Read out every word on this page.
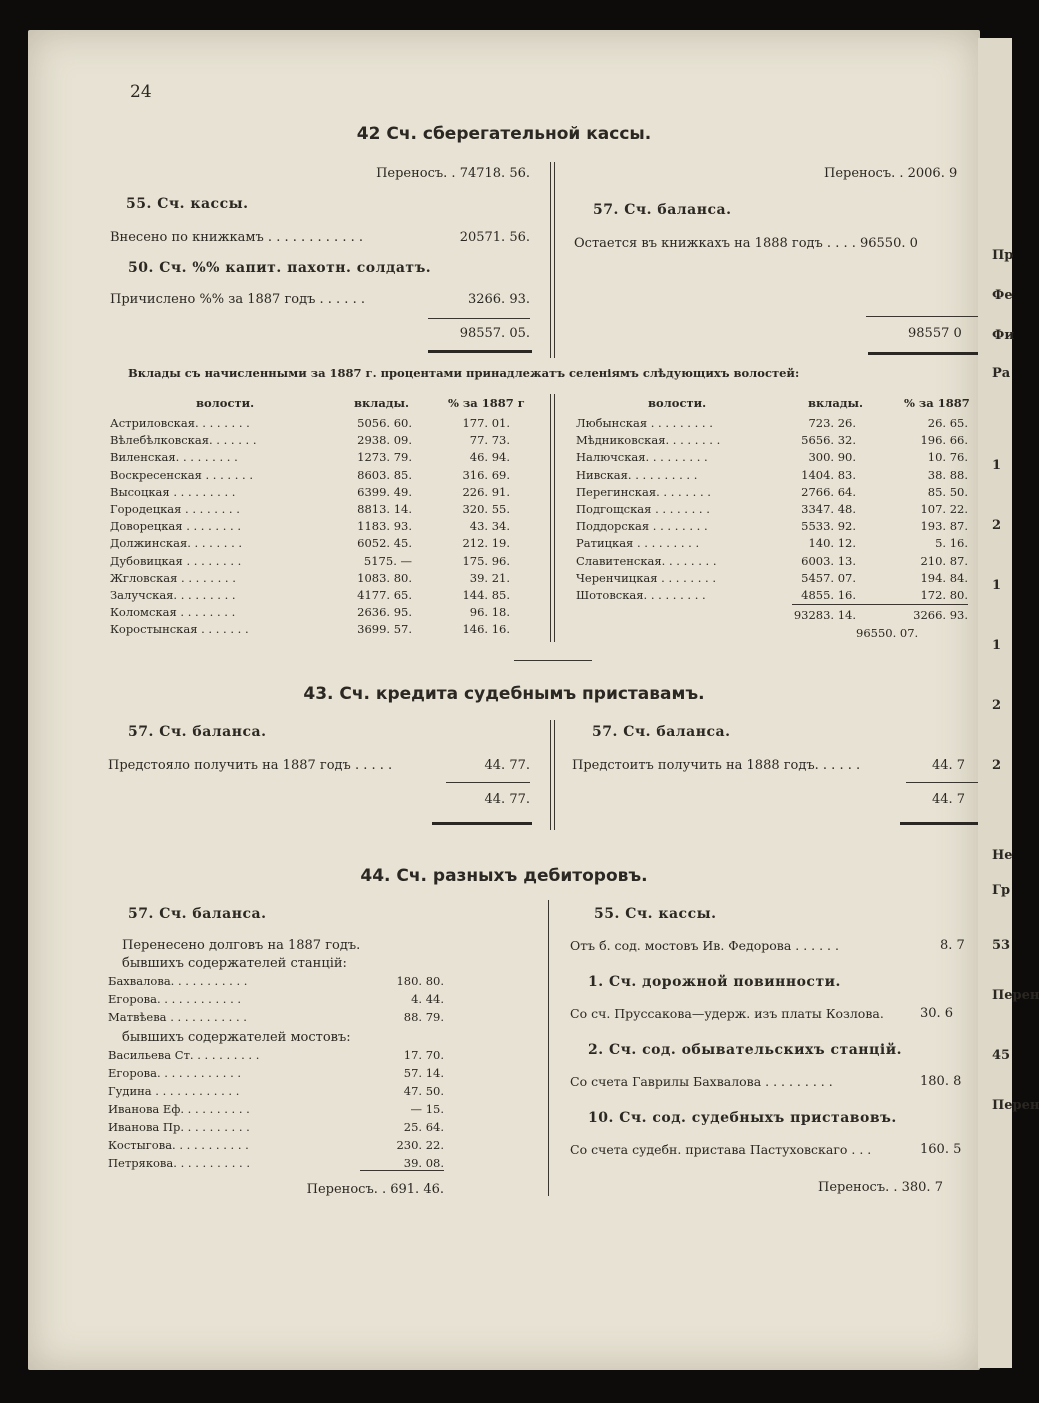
24
42 Сч. сберегательной кассы.
Переносъ. . 74718. 56.
55. Сч. кассы.
Внесено по книжкамъ . . . . . . . . . . . .	20571. 56.
50. Сч. %% капит. пахотн. солдатъ.
Причислено %% за 1887 годъ . . . . . .	3266. 93.
98557. 05.
Переносъ. . 2006. 9
57. Сч. баланса.
Остается въ книжкахъ на 1888 годъ . . . . 96550. 0
98557 0
Вклады съ начисленными за 1887 г. процентами принадлежатъ селеніямъ слѣдующихъ волостей:
волости.	вклады.	% за 1887 г
Астриловская. . . . . . . .	5056. 60.	177. 01.
Вѣлебѣлковская. . . . . . .	2938. 09.	77. 73.
Виленская. . . . . . . . .	1273. 79.	46. 94.
Воскресенская . . . . . . .	8603. 85.	316. 69.
Высоцкая . . . . . . . . .	6399. 49.	226. 91.
Городецкая . . . . . . . .	8813. 14.	320. 55.
Доворецкая . . . . . . . .	1183. 93.	43. 34.
Должинская. . . . . . . .	6052. 45.	212. 19.
Дубовицкая . . . . . . . .	5175. —	175. 96.
Жгловская . . . . . . . .	1083. 80.	39. 21.
Залучская. . . . . . . . .	4177. 65.	144. 85.
Коломская . . . . . . . .	2636. 95.	96. 18.
Коростынская . . . . . . .	3699. 57.	146. 16.
волости.	вклады.	% за 1887
Любынская . . . . . . . . .	723. 26.	26. 65.
Мѣдниковская. . . . . . . .	5656. 32.	196. 66.
Налючская. . . . . . . . .	300. 90.	10. 76.
Нивская. . . . . . . . . .	1404. 83.	38. 88.
Перегинская. . . . . . . .	2766. 64.	85. 50.
Подгощская . . . . . . . .	3347. 48.	107. 22.
Поддорская . . . . . . . .	5533. 92.	193. 87.
Ратицкая . . . . . . . . .	140. 12.	5. 16.
Славитенская. . . . . . . .	6003. 13.	210. 87.
Черенчицкая . . . . . . . .	5457. 07.	194. 84.
Шотовская. . . . . . . . .	4855. 16.	172. 80.
93283. 14.	3266. 93.
96550. 07.
43. Сч. кредита судебнымъ приставамъ.
57. Сч. баланса.
Предстояло получить на 1887 годъ . . . . .	44. 77.
44. 77.
57. Сч. баланса.
Предстоитъ получить на 1888 годъ. . . . . .	44. 7
44. 7
44. Сч. разныхъ дебиторовъ.
57. Сч. баланса.
Перенесено долговъ на 1887 годъ.
бывшихъ содержателей станцій:
Бахвалова. . . . . . . . . . .	180. 80.
Егорова. . . . . . . . . . . .	4. 44.
Матвѣева . . . . . . . . . . .	88. 79.
бывшихъ содержателей мостовъ:
Васильева Ст. . . . . . . . . .	17. 70.
Егорова. . . . . . . . . . . .	57. 14.
Гудина . . . . . . . . . . . .	47. 50.
Иванова Еф. . . . . . . . . .	— 15.
Иванова Пр. . . . . . . . . .	25. 64.
Костыгова. . . . . . . . . . .	230. 22.
Петрякова. . . . . . . . . . .	39. 08.
Переносъ. . 691. 46.
55. Сч. кассы.
Отъ б. сод. мостовъ Ив. Федорова . . . . . .	8. 7
1. Сч. дорожной повинности.
Со сч. Пруссакова—удерж. изъ платы Козлова.	30. 6
2. Сч. сод. обывательскихъ станцій.
Со счета Гаврилы Бахвалова . . . . . . . . .	180. 8
10. Сч. сод. судебныхъ приставовъ.
Со счета судебн. пристава Пастуховскаго . . .	160. 5
Переносъ. . 380. 7
Пр
Фе
Фи
Ра
1
2
1
1
2
2
Не
Гр
53
Перен
45
Перен
